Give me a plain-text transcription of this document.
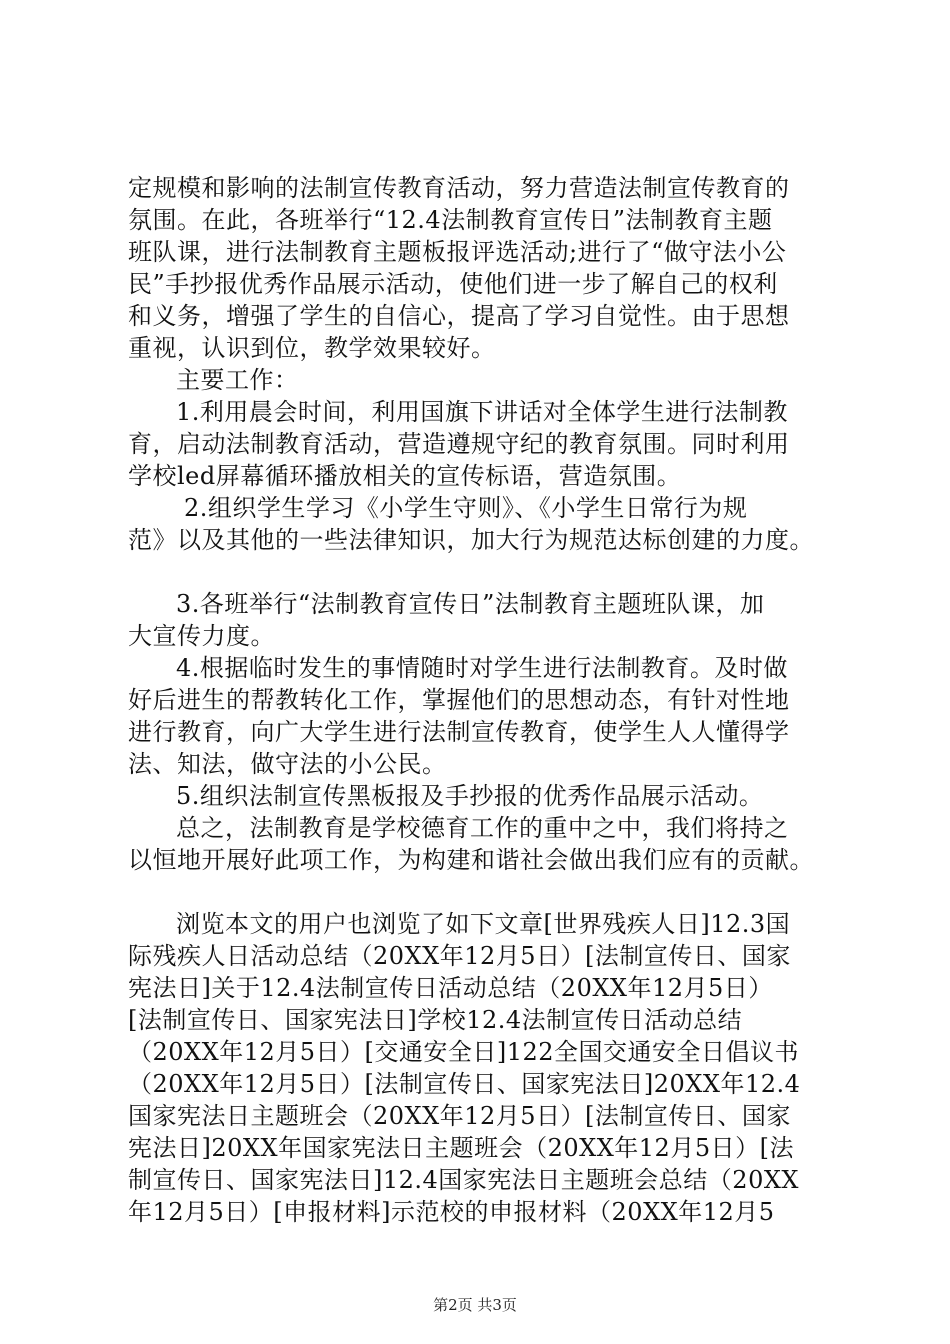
定规模和影响的法制宣传教育活动，努力营造法制宣传教育的
氛围。在此，各班举行“12.4法制教育宣传日”法制教育主题
班队课，进行法制教育主题板报评选活动;进行了“做守法小公
民”手抄报优秀作品展示活动，使他们进一步了解自己的权利
和义务，增强了学生的自信心，提高了学习自觉性。由于思想
重视，认识到位，教学效果较好。
主要工作：
1.利用晨会时间，利用国旗下讲话对全体学生进行法制教
育，启动法制教育活动，营造遵规守纪的教育氛围。同时利用
学校led屏幕循环播放相关的宣传标语，营造氛围。
2.组织学生学习《小学生守则》、《小学生日常行为规
范》以及其他的一些法律知识，加大行为规范达标创建的力度。
3.各班举行“法制教育宣传日”法制教育主题班队课，加
大宣传力度。
4.根据临时发生的事情随时对学生进行法制教育。及时做
好后进生的帮教转化工作，掌握他们的思想动态，有针对性地
进行教育，向广大学生进行法制宣传教育，使学生人人懂得学
法、知法，做守法的小公民。
5.组织法制宣传黑板报及手抄报的优秀作品展示活动。
总之，法制教育是学校德育工作的重中之中，我们将持之
以恒地开展好此项工作，为构建和谐社会做出我们应有的贡献。
浏览本文的用户也浏览了如下文章[世界残疾人日]12.3国
际残疾人日活动总结（20XX年12月5日）[法制宣传日、国家
宪法日]关于12.4法制宣传日活动总结（20XX年12月5日）
[法制宣传日、国家宪法日]学校12.4法制宣传日活动总结
（20XX年12月5日）[交通安全日]122全国交通安全日倡议书
（20XX年12月5日）[法制宣传日、国家宪法日]20XX年12.4
国家宪法日主题班会（20XX年12月5日）[法制宣传日、国家
宪法日]20XX年国家宪法日主题班会（20XX年12月5日）[法
制宣传日、国家宪法日]12.4国家宪法日主题班会总结（20XX
年12月5日）[申报材料]示范校的申报材料（20XX年12月5
第2页 共3页
